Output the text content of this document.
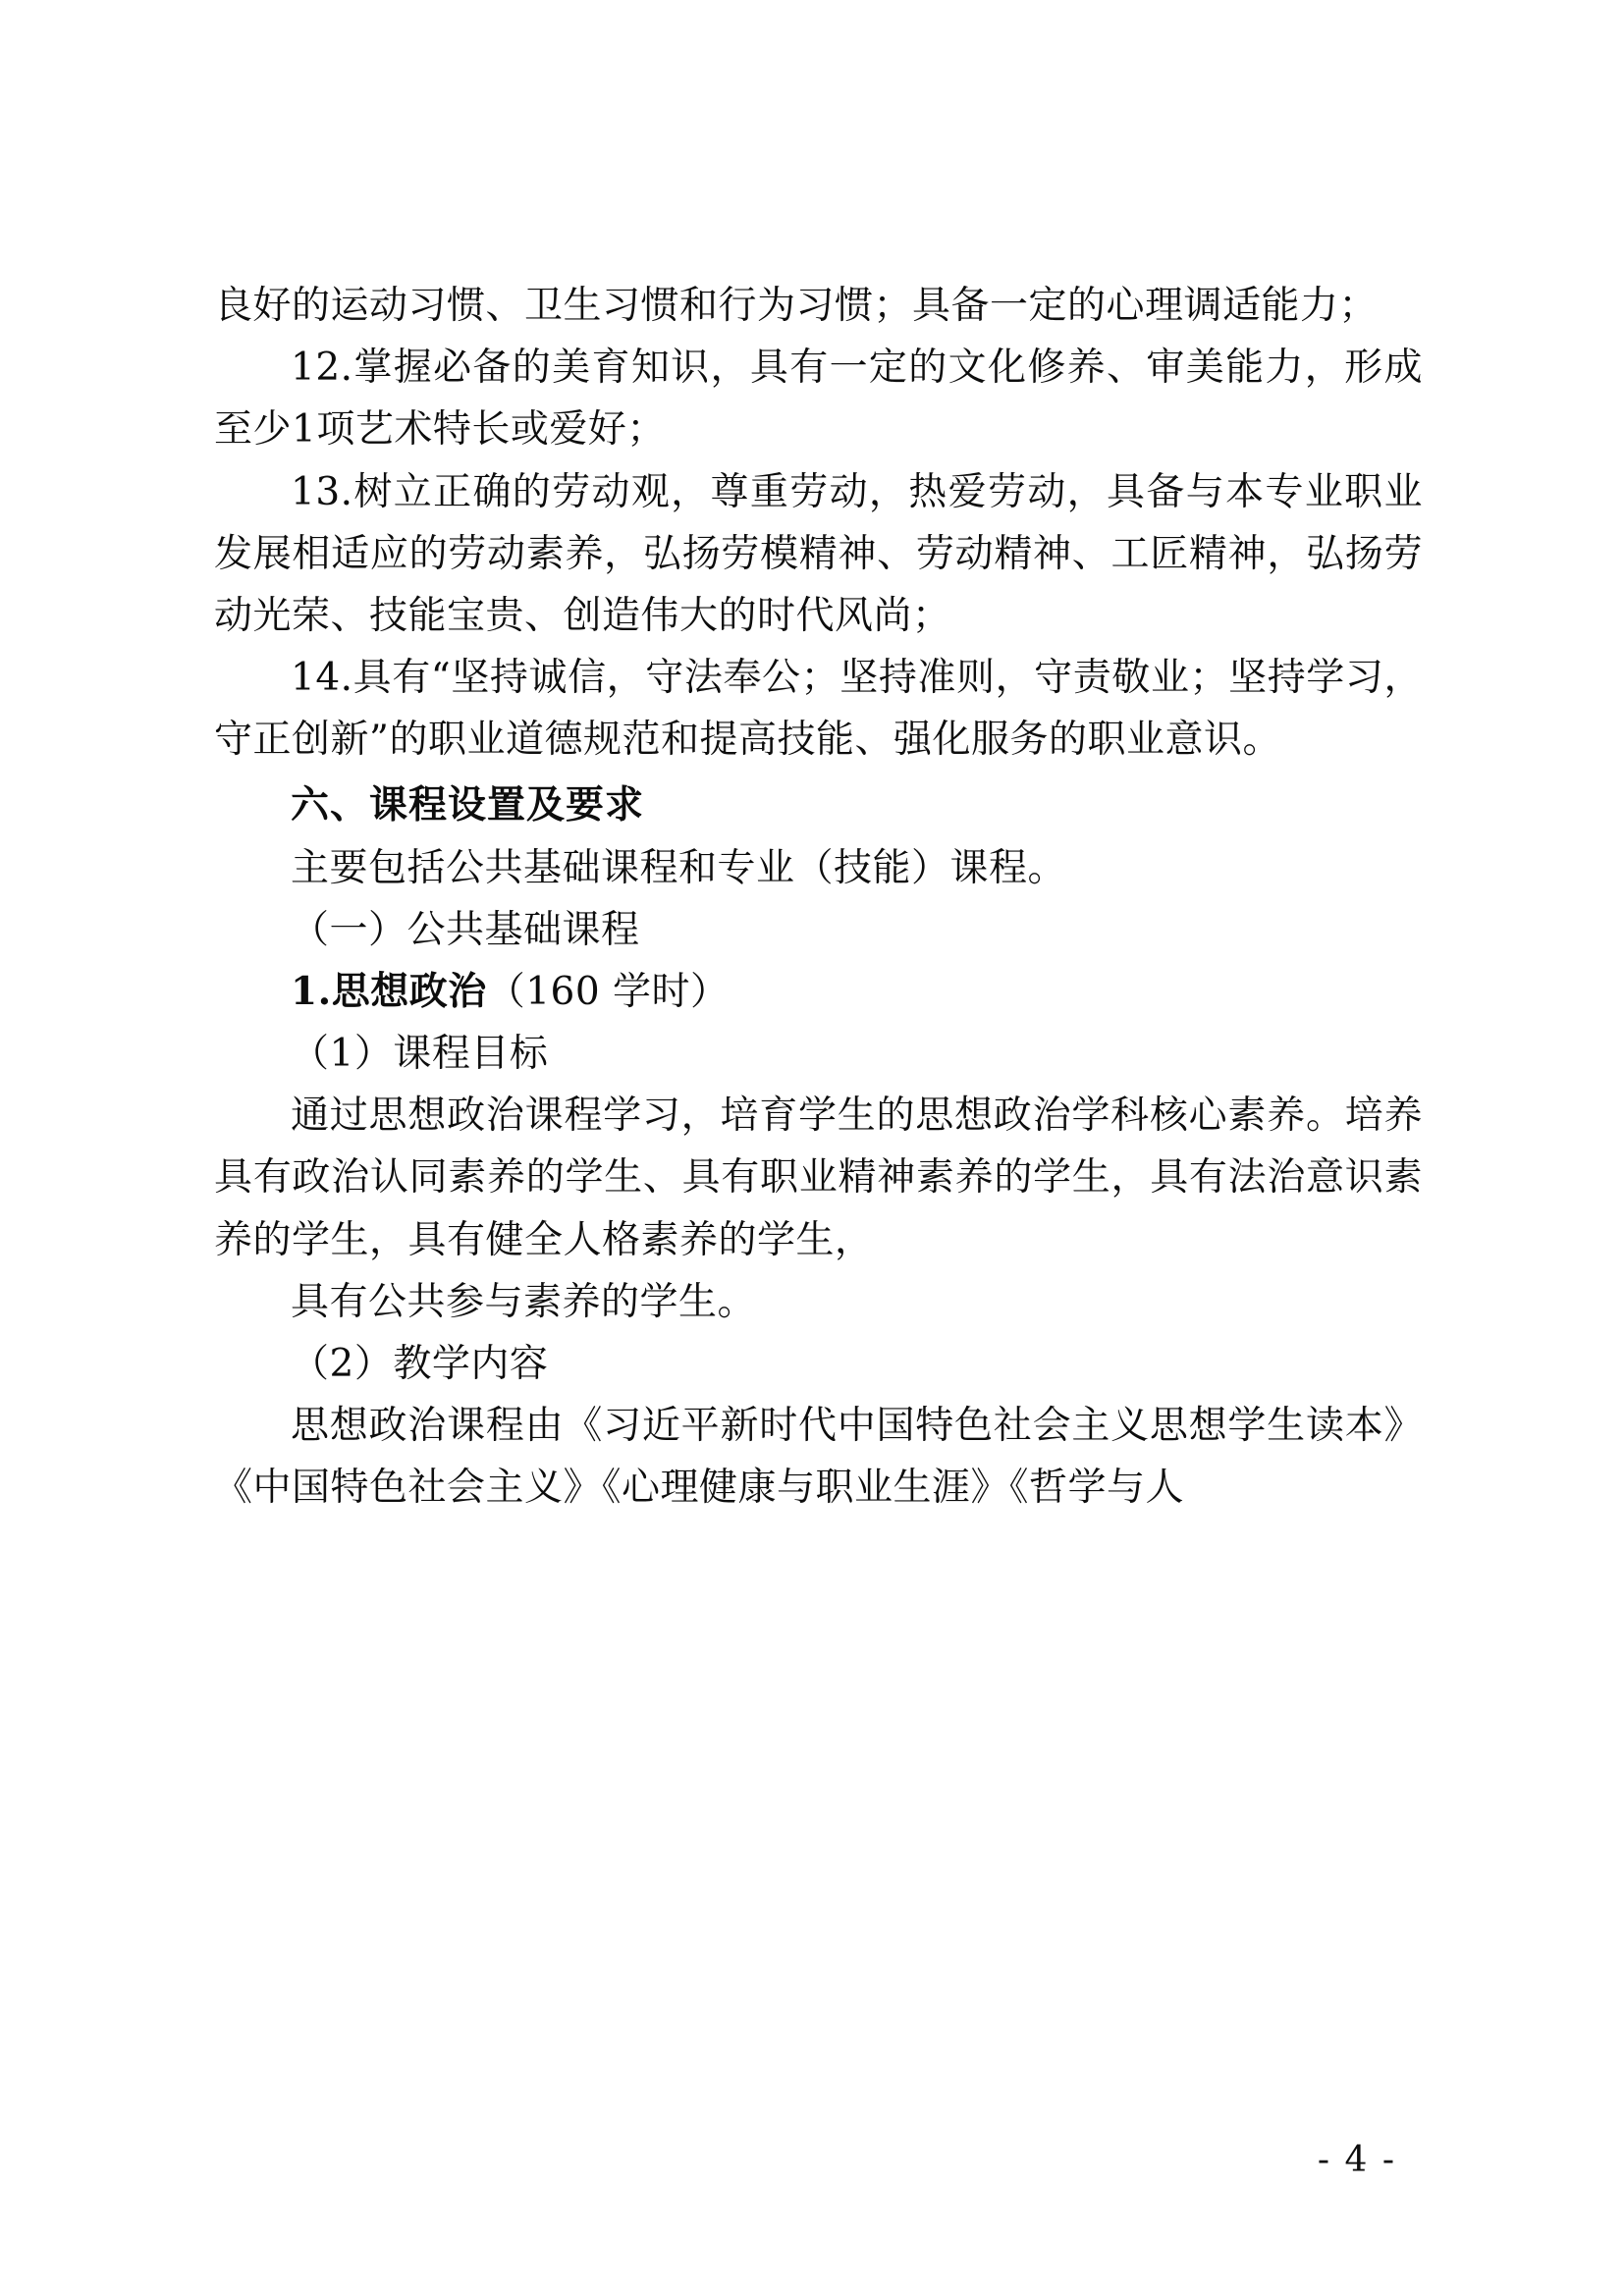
良好的运动习惯、卫生习惯和行为习惯；具备一定的心理调适能力；

12.掌握必备的美育知识，具有一定的文化修养、审美能力，形成至少1项艺术特长或爱好；

13.树立正确的劳动观，尊重劳动，热爱劳动，具备与本专业职业发展相适应的劳动素养，弘扬劳模精神、劳动精神、工匠精神，弘扬劳动光荣、技能宝贵、创造伟大的时代风尚；

14.具有“坚持诚信，守法奉公；坚持准则，守责敬业；坚持学习，守正创新”的职业道德规范和提高技能、强化服务的职业意识。

六、课程设置及要求

主要包括公共基础课程和专业（技能）课程。

（一）公共基础课程

1.思想政治（160 学时）

（1）课程目标

通过思想政治课程学习，培育学生的思想政治学科核心素养。培养具有政治认同素养的学生、具有职业精神素养的学生，具有法治意识素养的学生，具有健全人格素养的学生，

具有公共参与素养的学生。

（2）教学内容

思想政治课程由《习近平新时代中国特色社会主义思想学生读本》《中国特色社会主义》《心理健康与职业生涯》《哲学与人

- 4 -
